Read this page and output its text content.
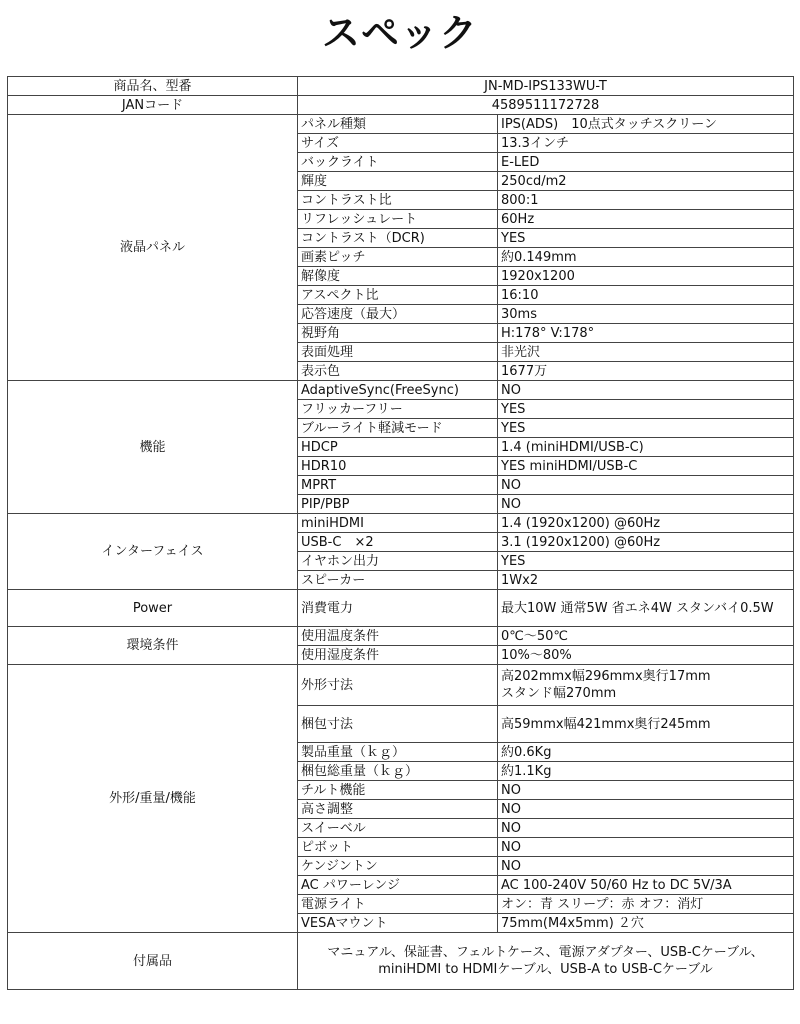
スペック
商品名、型番	JN-MD-IPS133WU-T	
JANコード	4589511172728	
液晶パネル	パネル種類	IPS(ADS)　10点式タッチスクリーン
	サイズ	13.3インチ
	バックライト	E-LED
	輝度	250cd/m2
	コントラスト比	800:1
	リフレッシュレート	60Hz
	コントラスト（DCR)	YES
	画素ピッチ	約0.149mm
	解像度	1920x1200
	アスペクト比	16:10
	応答速度（最大）	30ms
	視野角	H:178° V:178°
	表面処理	非光沢
	表示色	1677万
機能	AdaptiveSync(FreeSync)	NO
	フリッカーフリー	YES
	ブルーライト軽減モード	YES
	HDCP	1.4 (miniHDMI/USB-C)
	HDR10	YES miniHDMI/USB-C
	MPRT	NO
	PIP/PBP	NO
インターフェイス	miniHDMI	1.4 (1920x1200) @60Hz
	USB-C　×2	3.1 (1920x1200) @60Hz
	イヤホン出力	YES
	スピーカー	1Wx2
Power	消費電力	最大10W 通常5W 省エネ4W スタンバイ0.5W
環境条件	使用温度条件	0℃～50℃
	使用湿度条件	10%～80%
外形/重量/機能	外形寸法	高202mmx幅296mmx奥行17mm
スタンド幅270mm

	梱包寸法	高59mmx幅421mmx奥行245mm
	製品重量（ｋｇ）	約0.6Kg
	梱包総重量（ｋｇ）	約1.1Kg
	チルト機能	NO
	高さ調整	NO
	スイーベル	NO
	ピボット	NO
	ケンジントン	NO
	AC パワーレンジ	AC 100-240V 50/60 Hz to DC 5V/3A
	電源ライト	オン：青 スリープ：赤 オフ：消灯
	VESAマウント	75mm(M4x5mm) ２穴
付属品	マニュアル、保証書、フェルトケース、電源アダプター、USB-Cケーブル、
miniHDMI to HDMIケーブル、USB-A to USB-Cケーブル	
